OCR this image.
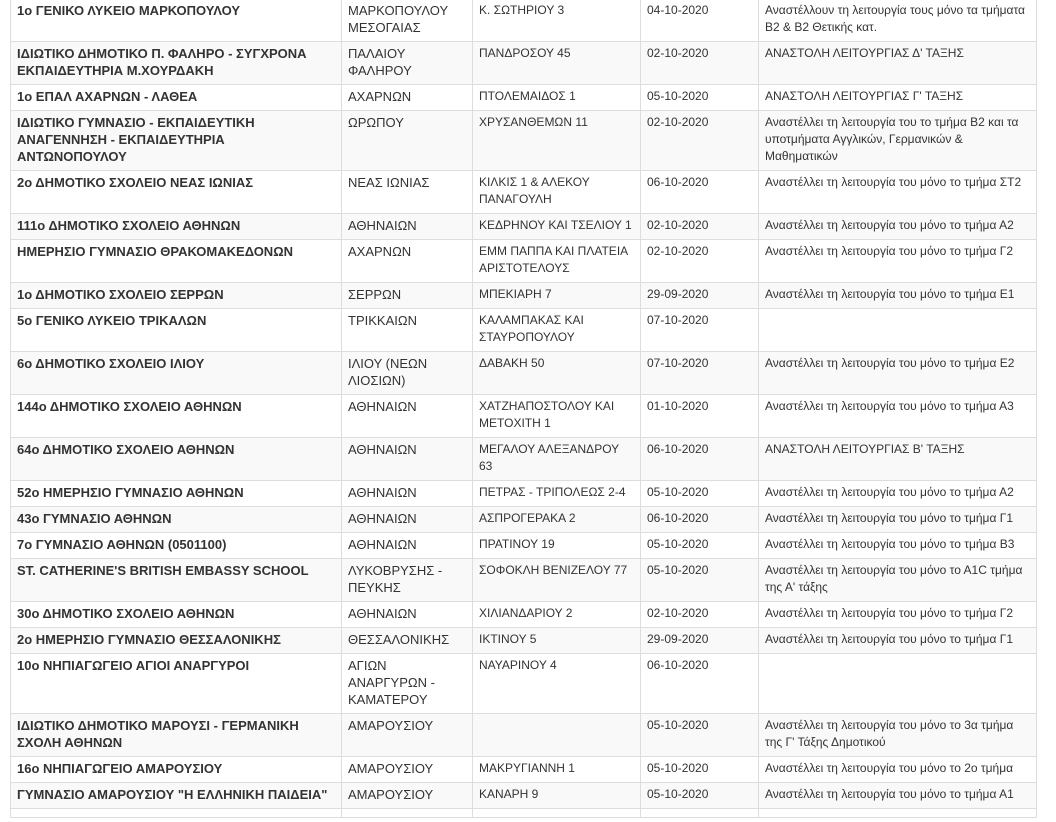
1ο ΓΕΝΙΚΟ ΛΥΚΕΙΟ ΜΑΡΚΟΠΟΥΛΟΥ	ΜΑΡΚΟΠΟΥΛΟΥ ΜΕΣΟΓΑΙΑΣ	Κ. ΣΩΤΗΡΙΟΥ 3	04-10-2020	Αναστέλλουν τη λειτουργία τους μόνο τα τμήματα Β2 & Β2 Θετικής κατ.
ΙΔΙΩΤΙΚΟ ΔΗΜΟΤΙΚΟ Π. ΦΑΛΗΡΟ - ΣΥΓΧΡΟΝΑ ΕΚΠΑΙΔΕΥΤΗΡΙΑ Μ.ΧΟΥΡΔΑΚΗ	ΠΑΛΑΙΟΥ ΦΑΛΗΡΟΥ	ΠΑΝΔΡΟΣΟΥ 45	02-10-2020	ΑΝΑΣΤΟΛΗ ΛΕΙΤΟΥΡΓΙΑΣ Δ' ΤΑΞΗΣ
1ο ΕΠΑΛ ΑΧΑΡΝΩΝ - ΛΑΘΕΑ	ΑΧΑΡΝΩΝ	ΠΤΟΛΕΜΑΙΔΟΣ 1	05-10-2020	ΑΝΑΣΤΟΛΗ ΛΕΙΤΟΥΡΓΙΑΣ Γ' ΤΑΞΗΣ
ΙΔΙΩΤΙΚΟ ΓΥΜΝΑΣΙΟ - ΕΚΠΑΙΔΕΥΤΙΚΗ ΑΝΑΓΕΝΝΗΣΗ - ΕΚΠΑΙΔΕΥΤΗΡΙΑ ΑΝΤΩΝΟΠΟΥΛΟΥ	ΩΡΩΠΟΥ	ΧΡΥΣΑΝΘΕΜΩΝ 11	02-10-2020	Αναστέλλει τη λειτουργία του το τμήμα Β2 και τα υποτμήματα Αγγλικών, Γερμανικών & Μαθηματικών
2ο ΔΗΜΟΤΙΚΟ ΣΧΟΛΕΙΟ ΝΕΑΣ ΙΩΝΙΑΣ	ΝΕΑΣ ΙΩΝΙΑΣ	ΚΙΛΚΙΣ 1 & ΑΛΕΚΟΥ ΠΑΝΑΓΟΥΛΗ	06-10-2020	Αναστέλλει τη λειτουργία του μόνο το τμήμα ΣΤ2
111ο ΔΗΜΟΤΙΚΟ ΣΧΟΛΕΙΟ ΑΘΗΝΩΝ	ΑΘΗΝΑΙΩΝ	ΚΕΔΡΗΝΟΥ ΚΑΙ ΤΣΕΛΙΟΥ 1	02-10-2020	Αναστέλλει τη λειτουργία του μόνο το τμήμα Α2
ΗΜΕΡΗΣΙΟ ΓΥΜΝΑΣΙΟ ΘΡΑΚΟΜΑΚΕΔΟΝΩΝ	ΑΧΑΡΝΩΝ	ΕΜΜ ΠΑΠΠΑ ΚΑΙ ΠΛΑΤΕΙΑ ΑΡΙΣΤΟΤΕΛΟΥΣ	02-10-2020	Αναστέλλει τη λειτουργία του μόνο το τμήμα Γ2
1ο ΔΗΜΟΤΙΚΟ ΣΧΟΛΕΙΟ ΣΕΡΡΩΝ	ΣΕΡΡΩΝ	ΜΠΕΚΙΑΡΗ 7	29-09-2020	Αναστέλλει τη λειτουργία του μόνο το τμήμα Ε1
5ο ΓΕΝΙΚΟ ΛΥΚΕΙΟ ΤΡΙΚΑΛΩΝ	ΤΡΙΚΚΑΙΩΝ	ΚΑΛΑΜΠΑΚΑΣ ΚΑΙ ΣΤΑΥΡΟΠΟΥΛΟΥ	07-10-2020	
6ο ΔΗΜΟΤΙΚΟ ΣΧΟΛΕΙΟ ΙΛΙΟΥ	ΙΛΙΟΥ (ΝΕΩΝ ΛΙΟΣΙΩΝ)	ΔΑΒΑΚΗ 50	07-10-2020	Αναστέλλει τη λειτουργία του μόνο το τμήμα Ε2
144ο ΔΗΜΟΤΙΚΟ ΣΧΟΛΕΙΟ ΑΘΗΝΩΝ	ΑΘΗΝΑΙΩΝ	ΧΑΤΖΗΑΠΟΣΤΟΛΟΥ ΚΑΙ ΜΕΤΟΧΙΤΗ 1	01-10-2020	Αναστέλλει τη λειτουργία του μόνο το τμήμα Α3
64ο ΔΗΜΟΤΙΚΟ ΣΧΟΛΕΙΟ ΑΘΗΝΩΝ	ΑΘΗΝΑΙΩΝ	ΜΕΓΑΛΟΥ ΑΛΕΞΑΝΔΡΟΥ 63	06-10-2020	ΑΝΑΣΤΟΛΗ ΛΕΙΤΟΥΡΓΙΑΣ Β' ΤΑΞΗΣ
52ο ΗΜΕΡΗΣΙΟ ΓΥΜΝΑΣΙΟ ΑΘΗΝΩΝ	ΑΘΗΝΑΙΩΝ	ΠΕΤΡΑΣ - ΤΡΙΠΟΛΕΩΣ 2-4	05-10-2020	Αναστέλλει τη λειτουργία του μόνο το τμήμα Α2
43ο ΓΥΜΝΑΣΙΟ ΑΘΗΝΩΝ	ΑΘΗΝΑΙΩΝ	ΑΣΠΡΟΓΕΡΑΚΑ 2	06-10-2020	Αναστέλλει τη λειτουργία του μόνο το τμήμα Γ1
7ο ΓΥΜΝΑΣΙΟ ΑΘΗΝΩΝ (0501100)	ΑΘΗΝΑΙΩΝ	ΠΡΑΤΙΝΟΥ 19	05-10-2020	Αναστέλλει τη λειτουργία του μόνο το τμήμα Β3
ST. CATHERINE'S BRITISH EMBASSY SCHOOL	ΛΥΚΟΒΡΥΣΗΣ - ΠΕΥΚΗΣ	ΣΟΦΟΚΛΗ ΒΕΝΙΖΕΛΟΥ 77	05-10-2020	Αναστέλλει τη λειτουργία του μόνο το Α1C τμήμα της Α' τάξης
30ο ΔΗΜΟΤΙΚΟ ΣΧΟΛΕΙΟ ΑΘΗΝΩΝ	ΑΘΗΝΑΙΩΝ	ΧΙΛΙΑΝΔΑΡΙΟΥ 2	02-10-2020	Αναστέλλει τη λειτουργία του μόνο το τμήμα Γ2
2ο ΗΜΕΡΗΣΙΟ ΓΥΜΝΑΣΙΟ ΘΕΣΣΑΛΟΝΙΚΗΣ	ΘΕΣΣΑΛΟΝΙΚΗΣ	ΙΚΤΙΝΟΥ 5	29-09-2020	Αναστέλλει τη λειτουργία του μόνο το τμήμα Γ1
10ο ΝΗΠΙΑΓΩΓΕΙΟ ΑΓΙΟΙ ΑΝΑΡΓΥΡΟΙ	ΑΓΙΩΝ ΑΝΑΡΓΥΡΩΝ - ΚΑΜΑΤΕΡΟΥ	ΝΑΥΑΡΙΝΟΥ 4	06-10-2020	
ΙΔΙΩΤΙΚΟ ΔΗΜΟΤΙΚΟ ΜΑΡΟΥΣΙ - ΓΕΡΜΑΝΙΚΗ ΣΧΟΛΗ ΑΘΗΝΩΝ	ΑΜΑΡΟΥΣΙΟΥ		05-10-2020	Αναστέλλει τη λειτουργία του μόνο το 3α τμήμα της Γ' Τάξης Δημοτικού
16ο ΝΗΠΙΑΓΩΓΕΙΟ ΑΜΑΡΟΥΣΙΟΥ	ΑΜΑΡΟΥΣΙΟΥ	ΜΑΚΡΥΓΙΑΝΝΗ 1	05-10-2020	Αναστέλλει τη λειτουργία του μόνο το 2ο τμήμα
ΓΥΜΝΑΣΙΟ ΑΜΑΡΟΥΣΙΟΥ "Η ΕΛΛΗΝΙΚΗ ΠΑΙΔΕΙΑ"	ΑΜΑΡΟΥΣΙΟΥ	ΚΑΝΑΡΗ 9	05-10-2020	Αναστέλλει τη λειτουργία του μόνο το τμήμα Α1
